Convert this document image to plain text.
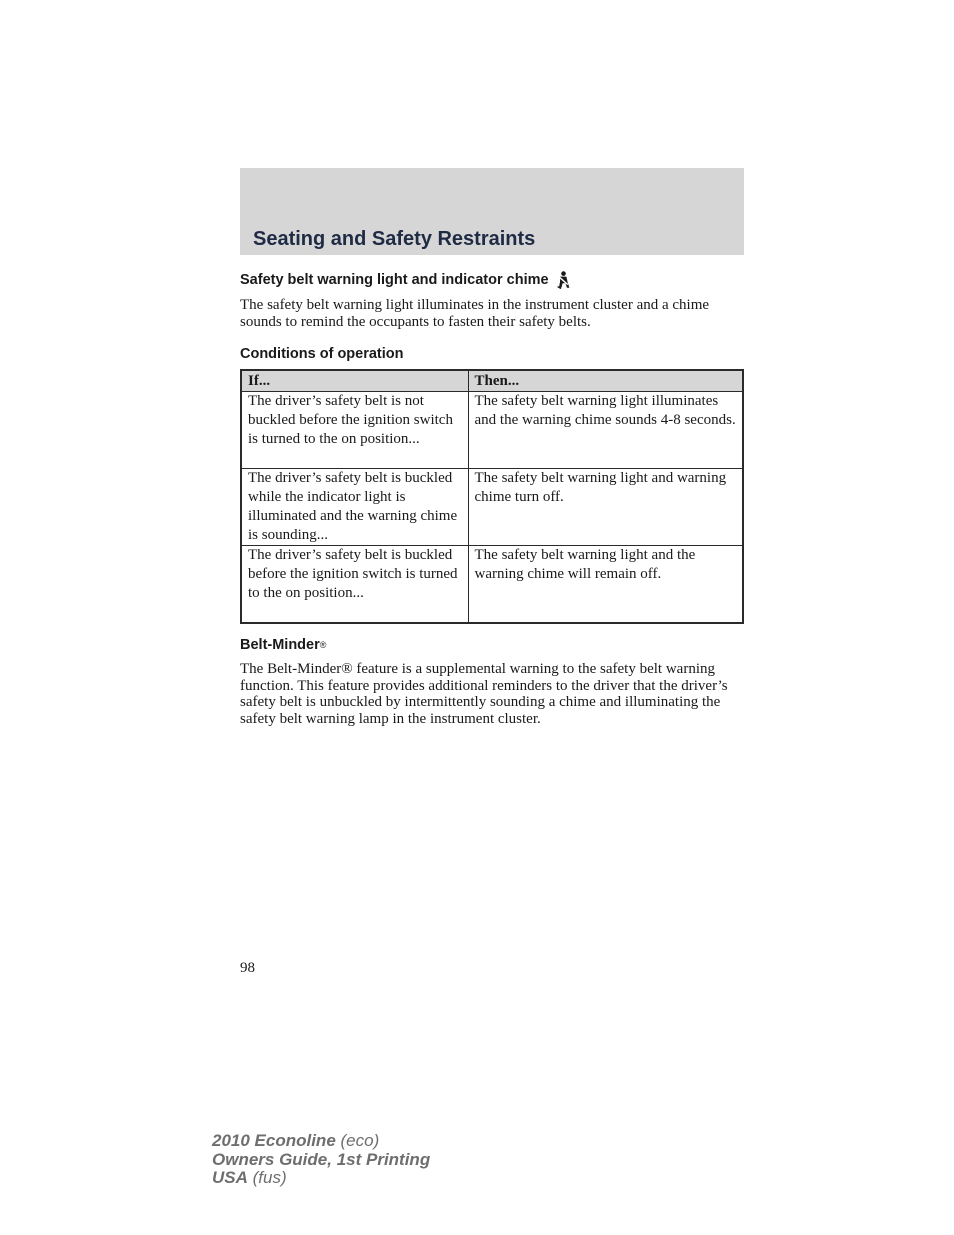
Seating and Safety Restraints
Safety belt warning light and indicator chime

The safety belt warning light illuminates in the instrument cluster and a chime sounds to remind the occupants to fasten their safety belts.

Conditions of operation
If...	Then...
The driver’s safety belt is not buckled before the ignition switch is turned to the on position...	The safety belt warning light illuminates and the warning chime sounds 4-8 seconds.
The driver’s safety belt is buckled while the indicator light is illuminated and the warning chime is sounding...	The safety belt warning light and warning chime turn off.
The driver’s safety belt is buckled before the ignition switch is turned to the on position...	The safety belt warning light and the warning chime will remain off.
Belt-Minder ®

The Belt-Minder® feature is a supplemental warning to the safety belt warning function. This feature provides additional reminders to the driver that the driver’s safety belt is unbuckled by intermittently sounding a chime and illuminating the safety belt warning lamp in the instrument cluster.

98
2010 Econoline (eco)
Owners Guide, 1st Printing
USA (fus)
